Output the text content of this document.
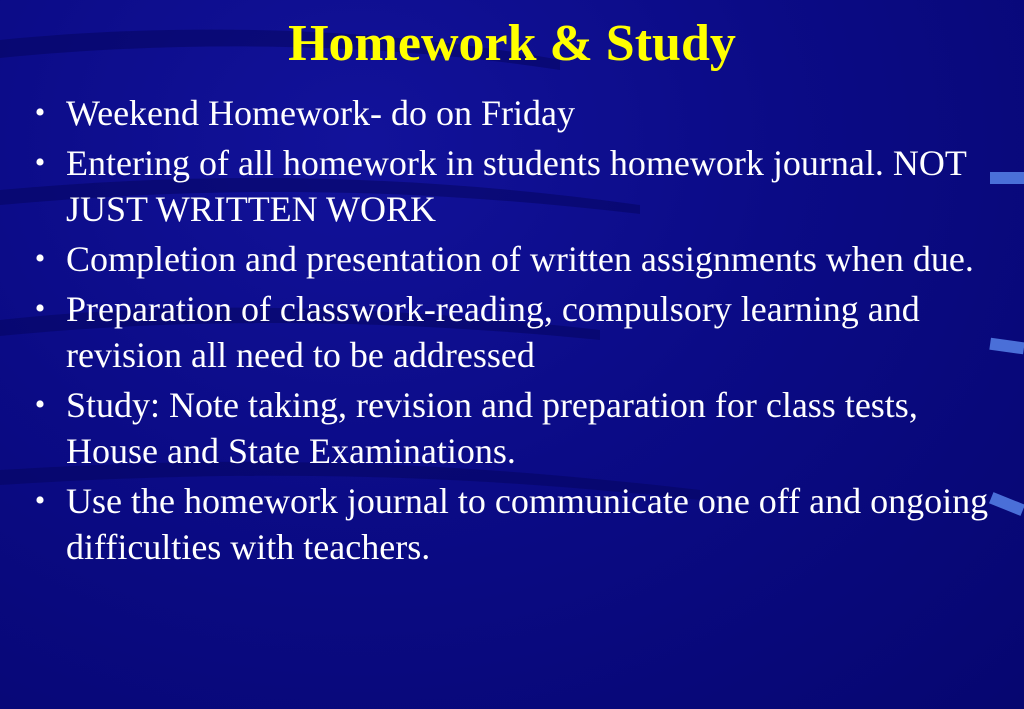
Homework & Study
• Weekend Homework- do on Friday
• Entering of all homework in students homework journal. NOT JUST WRITTEN WORK
• Completion and presentation of written assignments when due.
• Preparation of classwork-reading, compulsory learning and revision all need to be addressed
• Study: Note taking, revision and preparation for class tests, House and State Examinations.
• Use the homework journal to communicate one off and ongoing difficulties with teachers.
